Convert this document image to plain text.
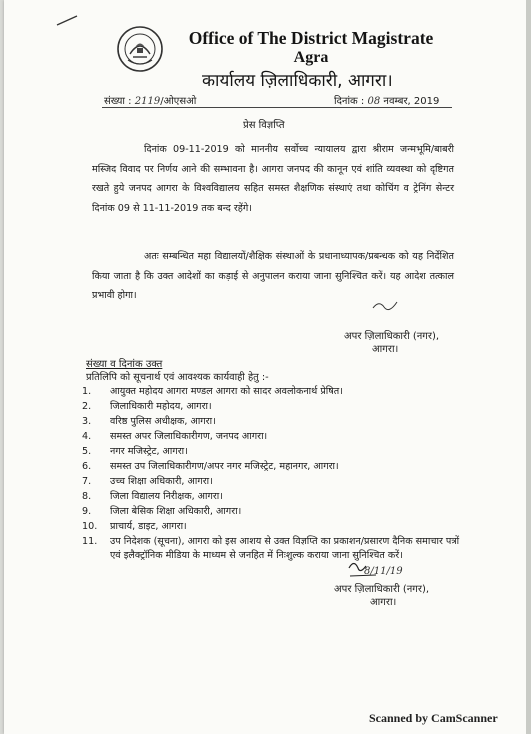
Office of The District Magistrate
Agra
कार्यालय ज़िलाधिकारी, आगरा।
संख्या : 2119/ओएसओ	दिनांक : 08 नवम्बर, 2019
प्रेस विज्ञप्ति
दिनांक 09-11-2019 को माननीय सर्वोच्च न्यायालय द्वारा श्रीराम जन्मभूमि/बाबरी मस्जिद विवाद पर निर्णय आने की सम्भावना है। आगरा जनपद की कानून एवं शांति व्यवस्था को दृष्टिगत रखते हुये जनपद आगरा के विश्वविद्यालय सहित समस्त शैक्षणिक संस्थाएं तथा कोचिंग व ट्रेनिंग सेन्टर दिनांक 09 से 11-11-2019 तक बन्द रहेंगे।
अतः सम्बन्धित महा विद्यालयों/शैक्षिक संस्थाओं के प्रधानाध्यापक/प्रबन्धक को यह निर्देशित किया जाता है कि उक्त आदेशों का कड़ाई से अनुपालन कराया जाना सुनिश्चित करें। यह आदेश तत्काल प्रभावी होगा।
अपर ज़िलाधिकारी (नगर),
आगरा।
संख्या व दिनांक उक्त
प्रतिलिपि को सूचनार्थ एवं आवश्यक कार्यवाही हेतु :-
1.	आयुक्त महोदय आगरा मण्डल आगरा को सादर अवलोकनार्थ प्रेषित।
2.	जिलाधिकारी महोदय, आगरा।
3.	वरिष्ठ पुलिस अधीक्षक, आगरा।
4.	समस्त अपर जिलाधिकारीगण, जनपद आगरा।
5.	नगर मजिस्ट्रेट, आगरा।
6.	समस्त उप जिलाधिकारीगण/अपर नगर मजिस्ट्रेट, महानगर, आगरा।
7.	उच्च शिक्षा अधिकारी, आगरा।
8.	जिला विद्यालय निरीक्षक, आगरा।
9.	जिला बेसिक शिक्षा अधिकारी, आगरा।
10.	प्राचार्य, डाइट, आगरा।
11.	उप निदेशक (सूचना), आगरा को इस आशय से उक्त विज्ञप्ति का प्रकाशन/प्रसारण दैनिक समाचार पत्रों एवं इलैक्ट्रॉनिक मीडिया के माध्यम से जनहित में निःशुल्क कराया जाना सुनिश्चित करें।
8/11/19
अपर ज़िलाधिकारी (नगर),
आगरा।
Scanned by CamScanner
